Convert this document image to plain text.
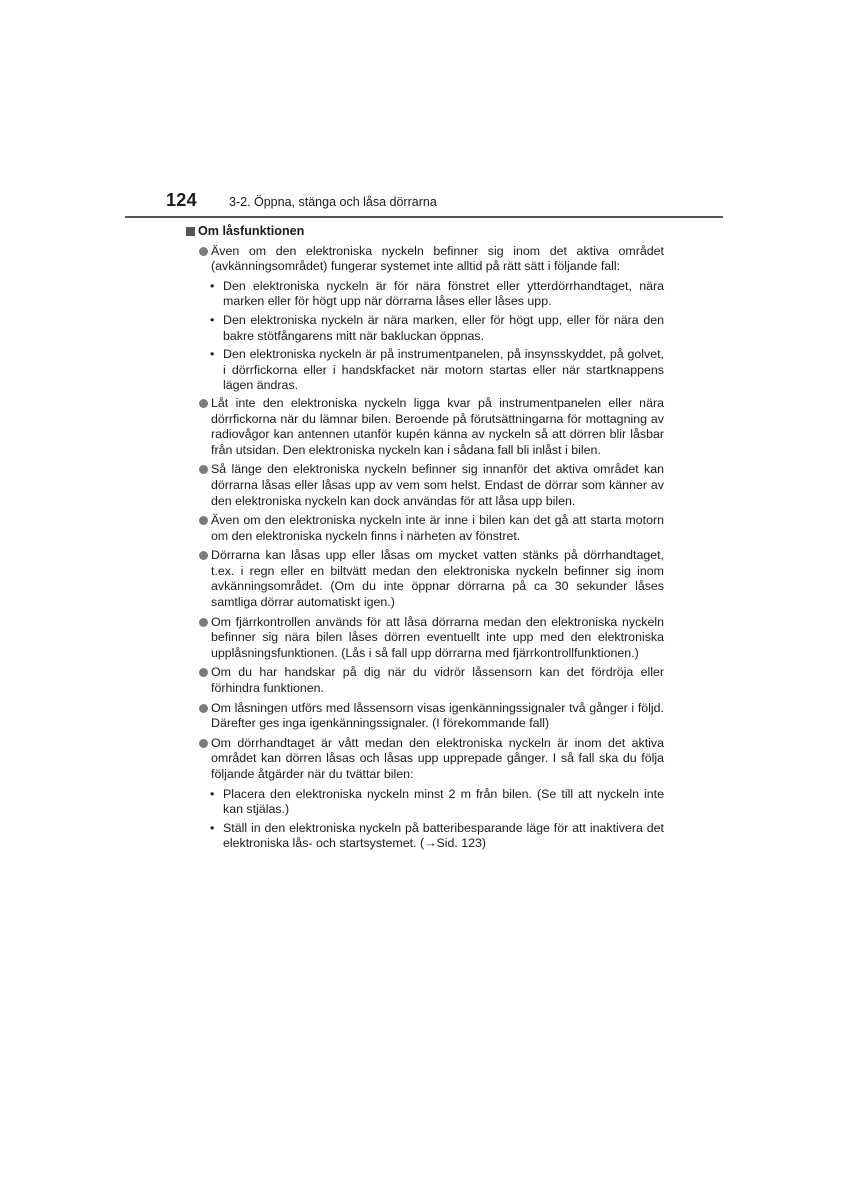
124	3-2. Öppna, stänga och låsa dörrarna
Om låsfunktionen
Även om den elektroniska nyckeln befinner sig inom det aktiva området (avkänningsområdet) fungerar systemet inte alltid på rätt sätt i följande fall:
• Den elektroniska nyckeln är för nära fönstret eller ytterdörrhandtaget, nära marken eller för högt upp när dörrarna låses eller låses upp.
• Den elektroniska nyckeln är nära marken, eller för högt upp, eller för nära den bakre stötfångarens mitt när bakluckan öppnas.
• Den elektroniska nyckeln är på instrumentpanelen, på insynsskyddet, på golvet, i dörrfickorna eller i handskfacket när motorn startas eller när startknappens lägen ändras.
Låt inte den elektroniska nyckeln ligga kvar på instrumentpanelen eller nära dörrfickorna när du lämnar bilen. Beroende på förutsättningarna för mottagning av radiovågor kan antennen utanför kupén känna av nyckeln så att dörren blir låsbar från utsidan. Den elektroniska nyckeln kan i sådana fall bli inlåst i bilen.
Så länge den elektroniska nyckeln befinner sig innanför det aktiva området kan dörrarna låsas eller låsas upp av vem som helst. Endast de dörrar som känner av den elektroniska nyckeln kan dock användas för att låsa upp bilen.
Även om den elektroniska nyckeln inte är inne i bilen kan det gå att starta motorn om den elektroniska nyckeln finns i närheten av fönstret.
Dörrarna kan låsas upp eller låsas om mycket vatten stänks på dörrhandtaget, t.ex. i regn eller en biltvätt medan den elektroniska nyckeln befinner sig inom avkänningsområdet. (Om du inte öppnar dörrarna på ca 30 sekunder låses samtliga dörrar automatiskt igen.)
Om fjärrkontrollen används för att låsa dörrarna medan den elektroniska nyckeln befinner sig nära bilen låses dörren eventuellt inte upp med den elektroniska upplåsningsfunktionen. (Lås i så fall upp dörrarna med fjärrkontrollfunktionen.)
Om du har handskar på dig när du vidrör låssensorn kan det fördröja eller förhindra funktionen.
Om låsningen utförs med låssensorn visas igenkänningssignaler två gånger i följd. Därefter ges inga igenkänningssignaler. (I förekommande fall)
Om dörrhandtaget är vått medan den elektroniska nyckeln är inom det aktiva området kan dörren låsas och låsas upp upprepade gånger. I så fall ska du följa följande åtgärder när du tvättar bilen:
• Placera den elektroniska nyckeln minst 2 m från bilen. (Se till att nyckeln inte kan stjälas.)
• Ställ in den elektroniska nyckeln på batteribesparande läge för att inaktivera det elektroniska lås- och startsystemet. (→Sid. 123)
